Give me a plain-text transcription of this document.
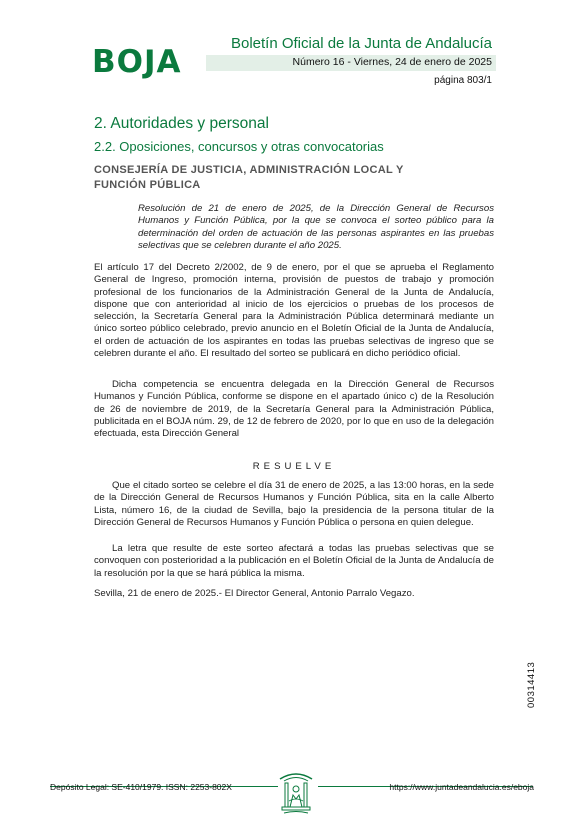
BOJA
Boletín Oficial de la Junta de Andalucía
Número 16 - Viernes, 24 de enero de 2025
página 803/1
2. Autoridades y personal
2.2. Oposiciones, concursos y otras convocatorias
CONSEJERÍA DE JUSTICIA, ADMINISTRACIÓN LOCAL Y FUNCIÓN PÚBLICA
Resolución de 21 de enero de 2025, de la Dirección General de Recursos Humanos y Función Pública, por la que se convoca el sorteo público para la determinación del orden de actuación de las personas aspirantes en las pruebas selectivas que se celebren durante el año 2025.
El artículo 17 del Decreto 2/2002, de 9 de enero, por el que se aprueba el Reglamento General de Ingreso, promoción interna, provisión de puestos de trabajo y promoción profesional de los funcionarios de la Administración General de la Junta de Andalucía, dispone que con anterioridad al inicio de los ejercicios o pruebas de los procesos de selección, la Secretaría General para la Administración Pública determinará mediante un único sorteo público celebrado, previo anuncio en el Boletín Oficial de la Junta de Andalucía, el orden de actuación de los aspirantes en todas las pruebas selectivas de ingreso que se celebren durante el año. El resultado del sorteo se publicará en dicho periódico oficial.
Dicha competencia se encuentra delegada en la Dirección General de Recursos Humanos y Función Pública, conforme se dispone en el apartado único c) de la Resolución de 26 de noviembre de 2019, de la Secretaría General para la Administración Pública, publicitada en el BOJA núm. 29, de 12 de febrero de 2020, por lo que en uso de la delegación efectuada, esta Dirección General
RESUELVE
Que el citado sorteo se celebre el día 31 de enero de 2025, a las 13:00 horas, en la sede de la Dirección General de Recursos Humanos y Función Pública, sita en la calle Alberto Lista, número 16, de la ciudad de Sevilla, bajo la presidencia de la persona titular de la Dirección General de Recursos Humanos y Función Pública o persona en quien delegue.
La letra que resulte de este sorteo afectará a todas las pruebas selectivas que se convoquen con posterioridad a la publicación en el Boletín Oficial de la Junta de Andalucía de la resolución por la que se hará pública la misma.
Sevilla, 21 de enero de 2025.- El Director General, Antonio Parralo Vegazo.
00314413
Depósito Legal: SE-410/1979. ISSN: 2253-802X	https://www.juntadeandalucia.es/eboja
